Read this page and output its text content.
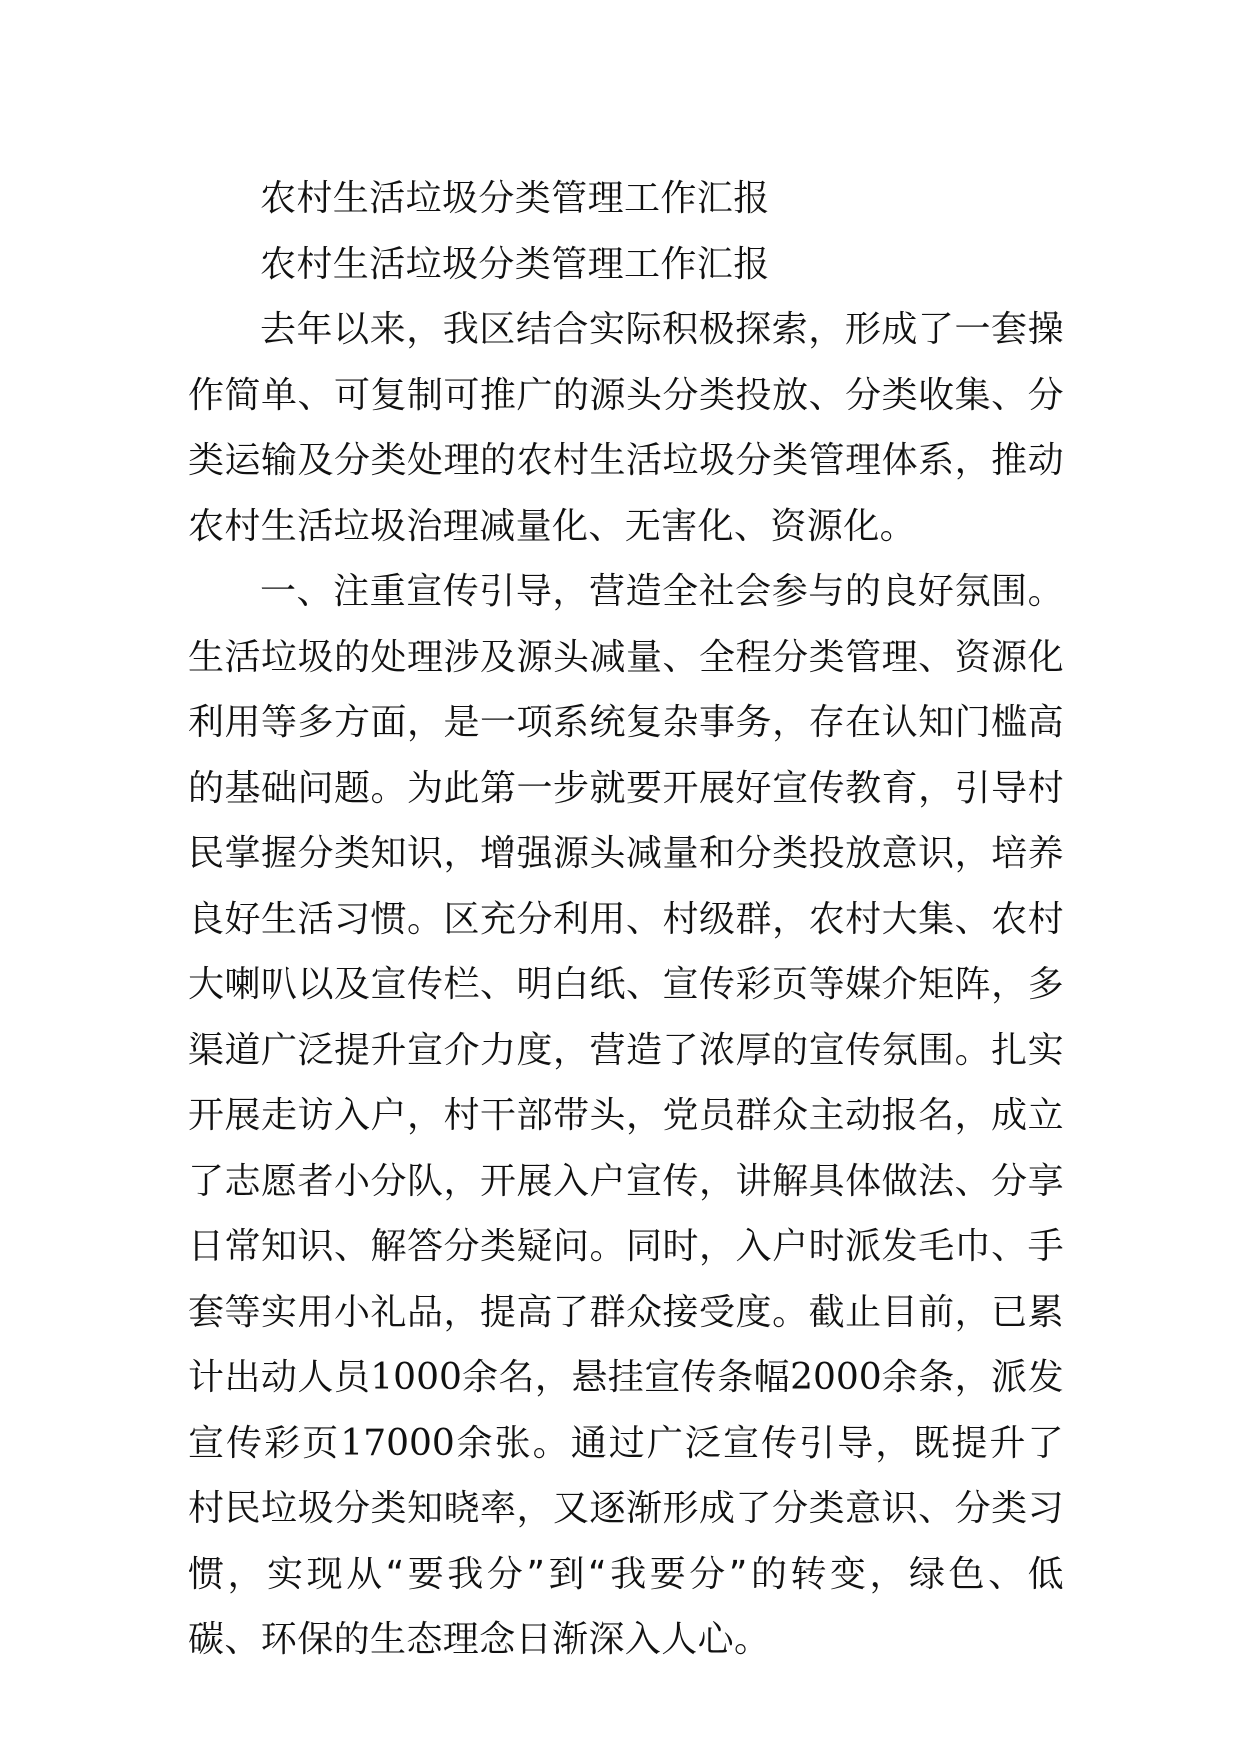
农村生活垃圾分类管理工作汇报

农村生活垃圾分类管理工作汇报

去年以来，我区结合实际积极探索，形成了一套操作简单、可复制可推广的源头分类投放、分类收集、分类运输及分类处理的农村生活垃圾分类管理体系，推动农村生活垃圾治理减量化、无害化、资源化。

一、注重宣传引导，营造全社会参与的良好氛围。生活垃圾的处理涉及源头减量、全程分类管理、资源化利用等多方面，是一项系统复杂事务，存在认知门槛高的基础问题。为此第一步就要开展好宣传教育，引导村民掌握分类知识，增强源头减量和分类投放意识，培养良好生活习惯。区充分利用、村级群，农村大集、农村大喇叭以及宣传栏、明白纸、宣传彩页等媒介矩阵，多渠道广泛提升宣介力度，营造了浓厚的宣传氛围。扎实开展走访入户，村干部带头，党员群众主动报名，成立了志愿者小分队，开展入户宣传，讲解具体做法、分享日常知识、解答分类疑问。同时，入户时派发毛巾、手套等实用小礼品，提高了群众接受度。截止目前，已累计出动人员1000余名，悬挂宣传条幅2000余条，派发宣传彩页17000余张。通过广泛宣传引导，既提升了村民垃圾分类知晓率，又逐渐形成了分类意识、分类习惯，实现从“要我分”到“我要分”的转变，绿色、低碳、环保的生态理念日渐深入人心。
